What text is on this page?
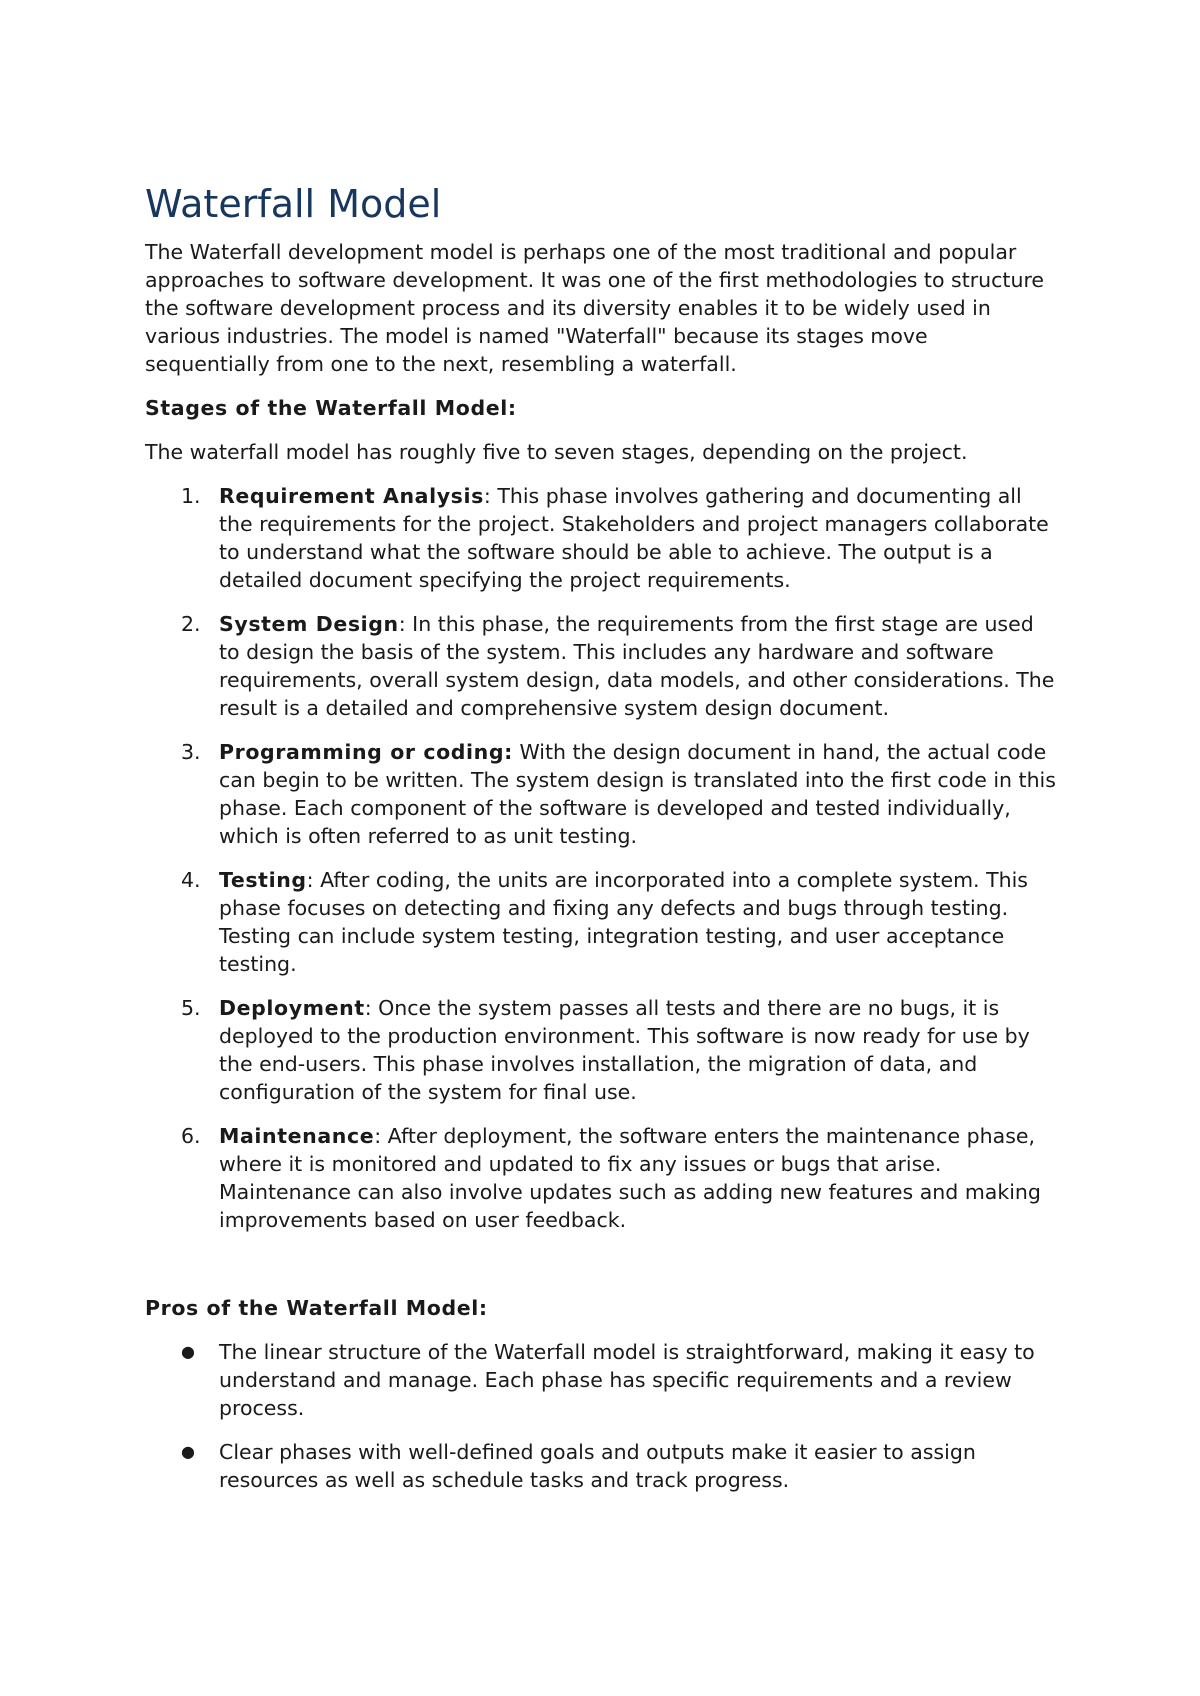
Waterfall Model

The Waterfall development model is perhaps one of the most traditional and popular approaches to software development. It was one of the first methodologies to structure the software development process and its diversity enables it to be widely used in various industries. The model is named "Waterfall" because its stages move sequentially from one to the next, resembling a waterfall.

Stages of the Waterfall Model:

The waterfall model has roughly five to seven stages, depending on the project.

1. Requirement Analysis: This phase involves gathering and documenting all the requirements for the project. Stakeholders and project managers collaborate to understand what the software should be able to achieve. The output is a detailed document specifying the project requirements.
2. System Design: In this phase, the requirements from the first stage are used to design the basis of the system. This includes any hardware and software requirements, overall system design, data models, and other considerations. The result is a detailed and comprehensive system design document.
3. Programming or coding: With the design document in hand, the actual code can begin to be written. The system design is translated into the first code in this phase. Each component of the software is developed and tested individually, which is often referred to as unit testing.
4. Testing: After coding, the units are incorporated into a complete system. This phase focuses on detecting and fixing any defects and bugs through testing. Testing can include system testing, integration testing, and user acceptance testing.
5. Deployment: Once the system passes all tests and there are no bugs, it is deployed to the production environment. This software is now ready for use by the end-users. This phase involves installation, the migration of data, and configuration of the system for final use.
6. Maintenance: After deployment, the software enters the maintenance phase, where it is monitored and updated to fix any issues or bugs that arise. Maintenance can also involve updates such as adding new features and making improvements based on user feedback.

Pros of the Waterfall Model:

● The linear structure of the Waterfall model is straightforward, making it easy to understand and manage. Each phase has specific requirements and a review process.
● Clear phases with well-defined goals and outputs make it easier to assign resources as well as schedule tasks and track progress.
